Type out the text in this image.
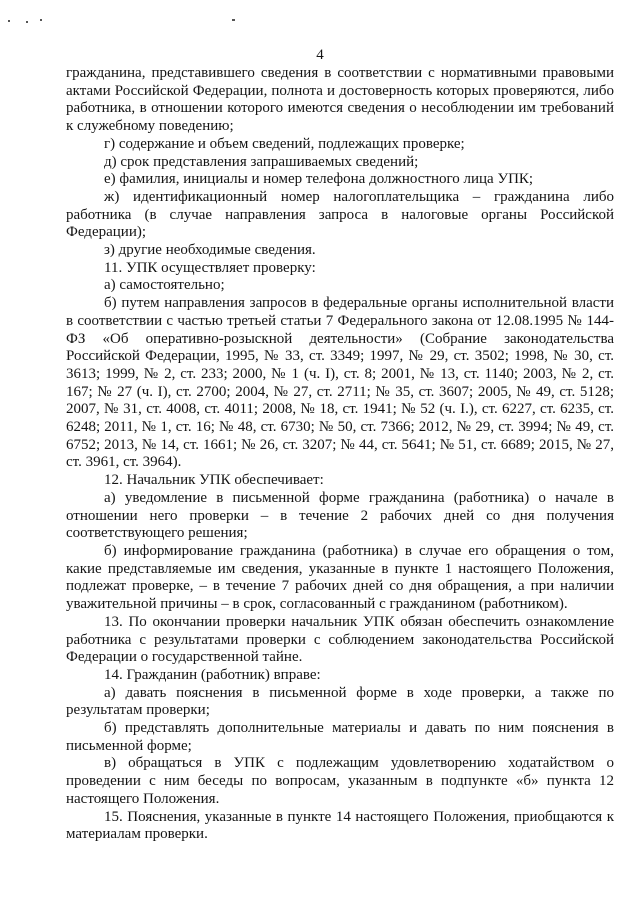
4

гражданина, представившего сведения в соответствии с нормативными правовыми актами Российской Федерации, полнота и достоверность которых проверяются, либо работника, в отношении которого имеются сведения о несоблюдении им требований к служебному поведению;

г) содержание и объем сведений, подлежащих проверке;

д) срок представления запрашиваемых сведений;

е) фамилия, инициалы и номер телефона должностного лица УПК;

ж) идентификационный номер налогоплательщика – гражданина либо работника (в случае направления запроса в налоговые органы Российской Федерации);

з) другие необходимые сведения.

11. УПК осуществляет проверку:

а) самостоятельно;

б) путем направления запросов в федеральные органы исполнительной власти в соответствии с частью третьей статьи 7 Федерального закона от 12.08.1995 № 144-ФЗ «Об оперативно-розыскной деятельности» (Собрание законодательства Российской Федерации, 1995, № 33, ст. 3349; 1997, № 29, ст. 3502; 1998, № 30, ст. 3613; 1999, № 2, ст. 233; 2000, № 1 (ч. I), ст. 8; 2001, № 13, ст. 1140; 2003, № 2, ст. 167; № 27 (ч. I), ст. 2700; 2004, № 27, ст. 2711; № 35, ст. 3607; 2005, № 49, ст. 5128; 2007, № 31, ст. 4008, ст. 4011; 2008, № 18, ст. 1941; № 52 (ч. I.), ст. 6227, ст. 6235, ст. 6248; 2011, № 1, ст. 16; № 48, ст. 6730; № 50, ст. 7366; 2012, № 29, ст. 3994; № 49, ст. 6752; 2013, № 14, ст. 1661; № 26, ст. 3207; № 44, ст. 5641; № 51, ст. 6689; 2015, № 27, ст. 3961, ст. 3964).

12. Начальник УПК обеспечивает:

а) уведомление в письменной форме гражданина (работника) о начале в отношении него проверки – в течение 2 рабочих дней со дня получения соответствующего решения;

б) информирование гражданина (работника) в случае его обращения о том, какие представляемые им сведения, указанные в пункте 1 настоящего Положения, подлежат проверке, – в течение 7 рабочих дней со дня обращения, а при наличии уважительной причины – в срок, согласованный с гражданином (работником).

13. По окончании проверки начальник УПК обязан обеспечить ознакомление работника с результатами проверки с соблюдением законодательства Российской Федерации о государственной тайне.

14. Гражданин (работник) вправе:

а) давать пояснения в письменной форме в ходе проверки, а также по результатам проверки;

б) представлять дополнительные материалы и давать по ним пояснения в письменной форме;

в) обращаться в УПК с подлежащим удовлетворению ходатайством о проведении с ним беседы по вопросам, указанным в подпункте «б» пункта 12 настоящего Положения.

15. Пояснения, указанные в пункте 14 настоящего Положения, приобщаются к материалам проверки.
